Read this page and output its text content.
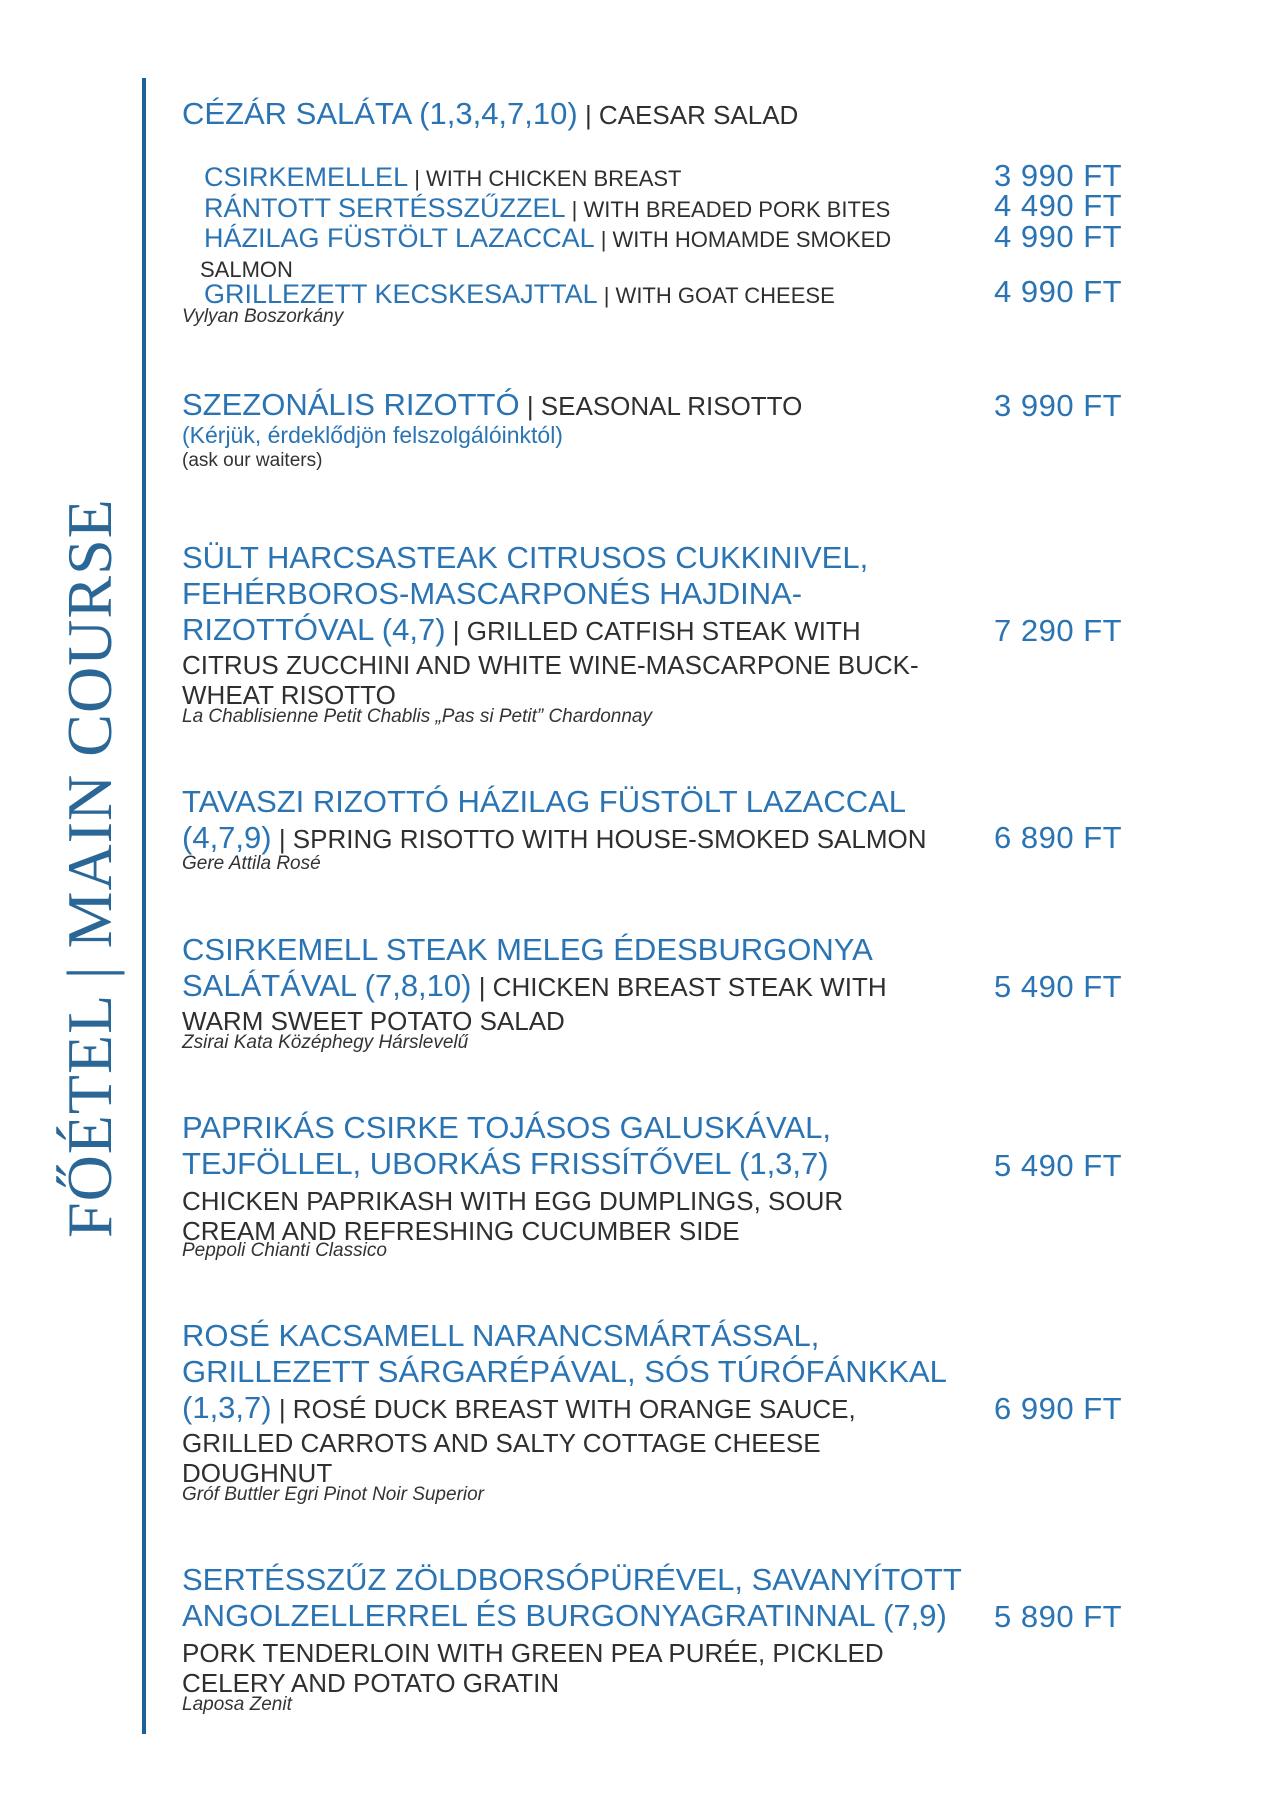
FŐÉTEL | MAIN COURSE
CÉZÁR SALÁTA (1,3,4,7,10) | CAESAR SALAD
CSIRKEMELLEL | WITH CHICKEN BREAST	3 990 FT
RÁNTOTT SERTÉSSZŰZZEL | WITH BREADED PORK BITES	4 490 FT
HÁZILAG FÜSTÖLT LAZACCAL | WITH HOMAMDE SMOKED	4 990 FT
SALMON
GRILLEZETT KECSKESAJTTAL | WITH GOAT CHEESE	4 990 FT
Vylyan Boszorkány
SZEZONÁLIS RIZOTTÓ | SEASONAL RISOTTO	3 990 FT
(Kérjük, érdeklődjön felszolgálóinktól)
(ask our waiters)
SÜLT HARCSASTEAK CITRUSOS CUKKINIVEL,
FEHÉRBOROS-MASCARPONÉS HAJDINA-
RIZOTTÓVAL (4,7) | GRILLED CATFISH STEAK WITH
CITRUS ZUCCHINI AND WHITE WINE-MASCARPONE BUCK-
WHEAT RISOTTO
La Chablisienne Petit Chablis „Pas si Petit” Chardonnay
7 290 FT
TAVASZI RIZOTTÓ HÁZILAG FÜSTÖLT LAZACCAL
(4,7,9) | SPRING RISOTTO WITH HOUSE-SMOKED SALMON
Gere Attila Rosé
6 890 FT
CSIRKEMELL STEAK MELEG ÉDESBURGONYA
SALÁTÁVAL (7,8,10) | CHICKEN BREAST STEAK WITH
WARM SWEET POTATO SALAD
Zsirai Kata Középhegy Hárslevelű
5 490 FT
PAPRIKÁS CSIRKE TOJÁSOS GALUSKÁVAL,
TEJFÖLLEL, UBORKÁS FRISSÍTŐVEL (1,3,7)
CHICKEN PAPRIKASH WITH EGG DUMPLINGS, SOUR
CREAM AND REFRESHING CUCUMBER SIDE
Peppoli Chianti Classico
5 490 FT
ROSÉ KACSAMELL NARANCSMÁRTÁSSAL,
GRILLEZETT SÁRGARÉPÁVAL, SÓS TÚRÓFÁNKKAL
(1,3,7) | ROSÉ DUCK BREAST WITH ORANGE SAUCE,
GRILLED CARROTS AND SALTY COTTAGE CHEESE
DOUGHNUT
Gróf Buttler Egri Pinot Noir Superior
6 990 FT
SERTÉSSZŰZ ZÖLDBORSÓPÜRÉVEL, SAVANYÍTOTT
ANGOLZELLERREL ÉS BURGONYAGRATINNAL (7,9)
PORK TENDERLOIN WITH GREEN PEA PURÉE, PICKLED
CELERY AND POTATO GRATIN
Laposa Zenit
5 890 FT
